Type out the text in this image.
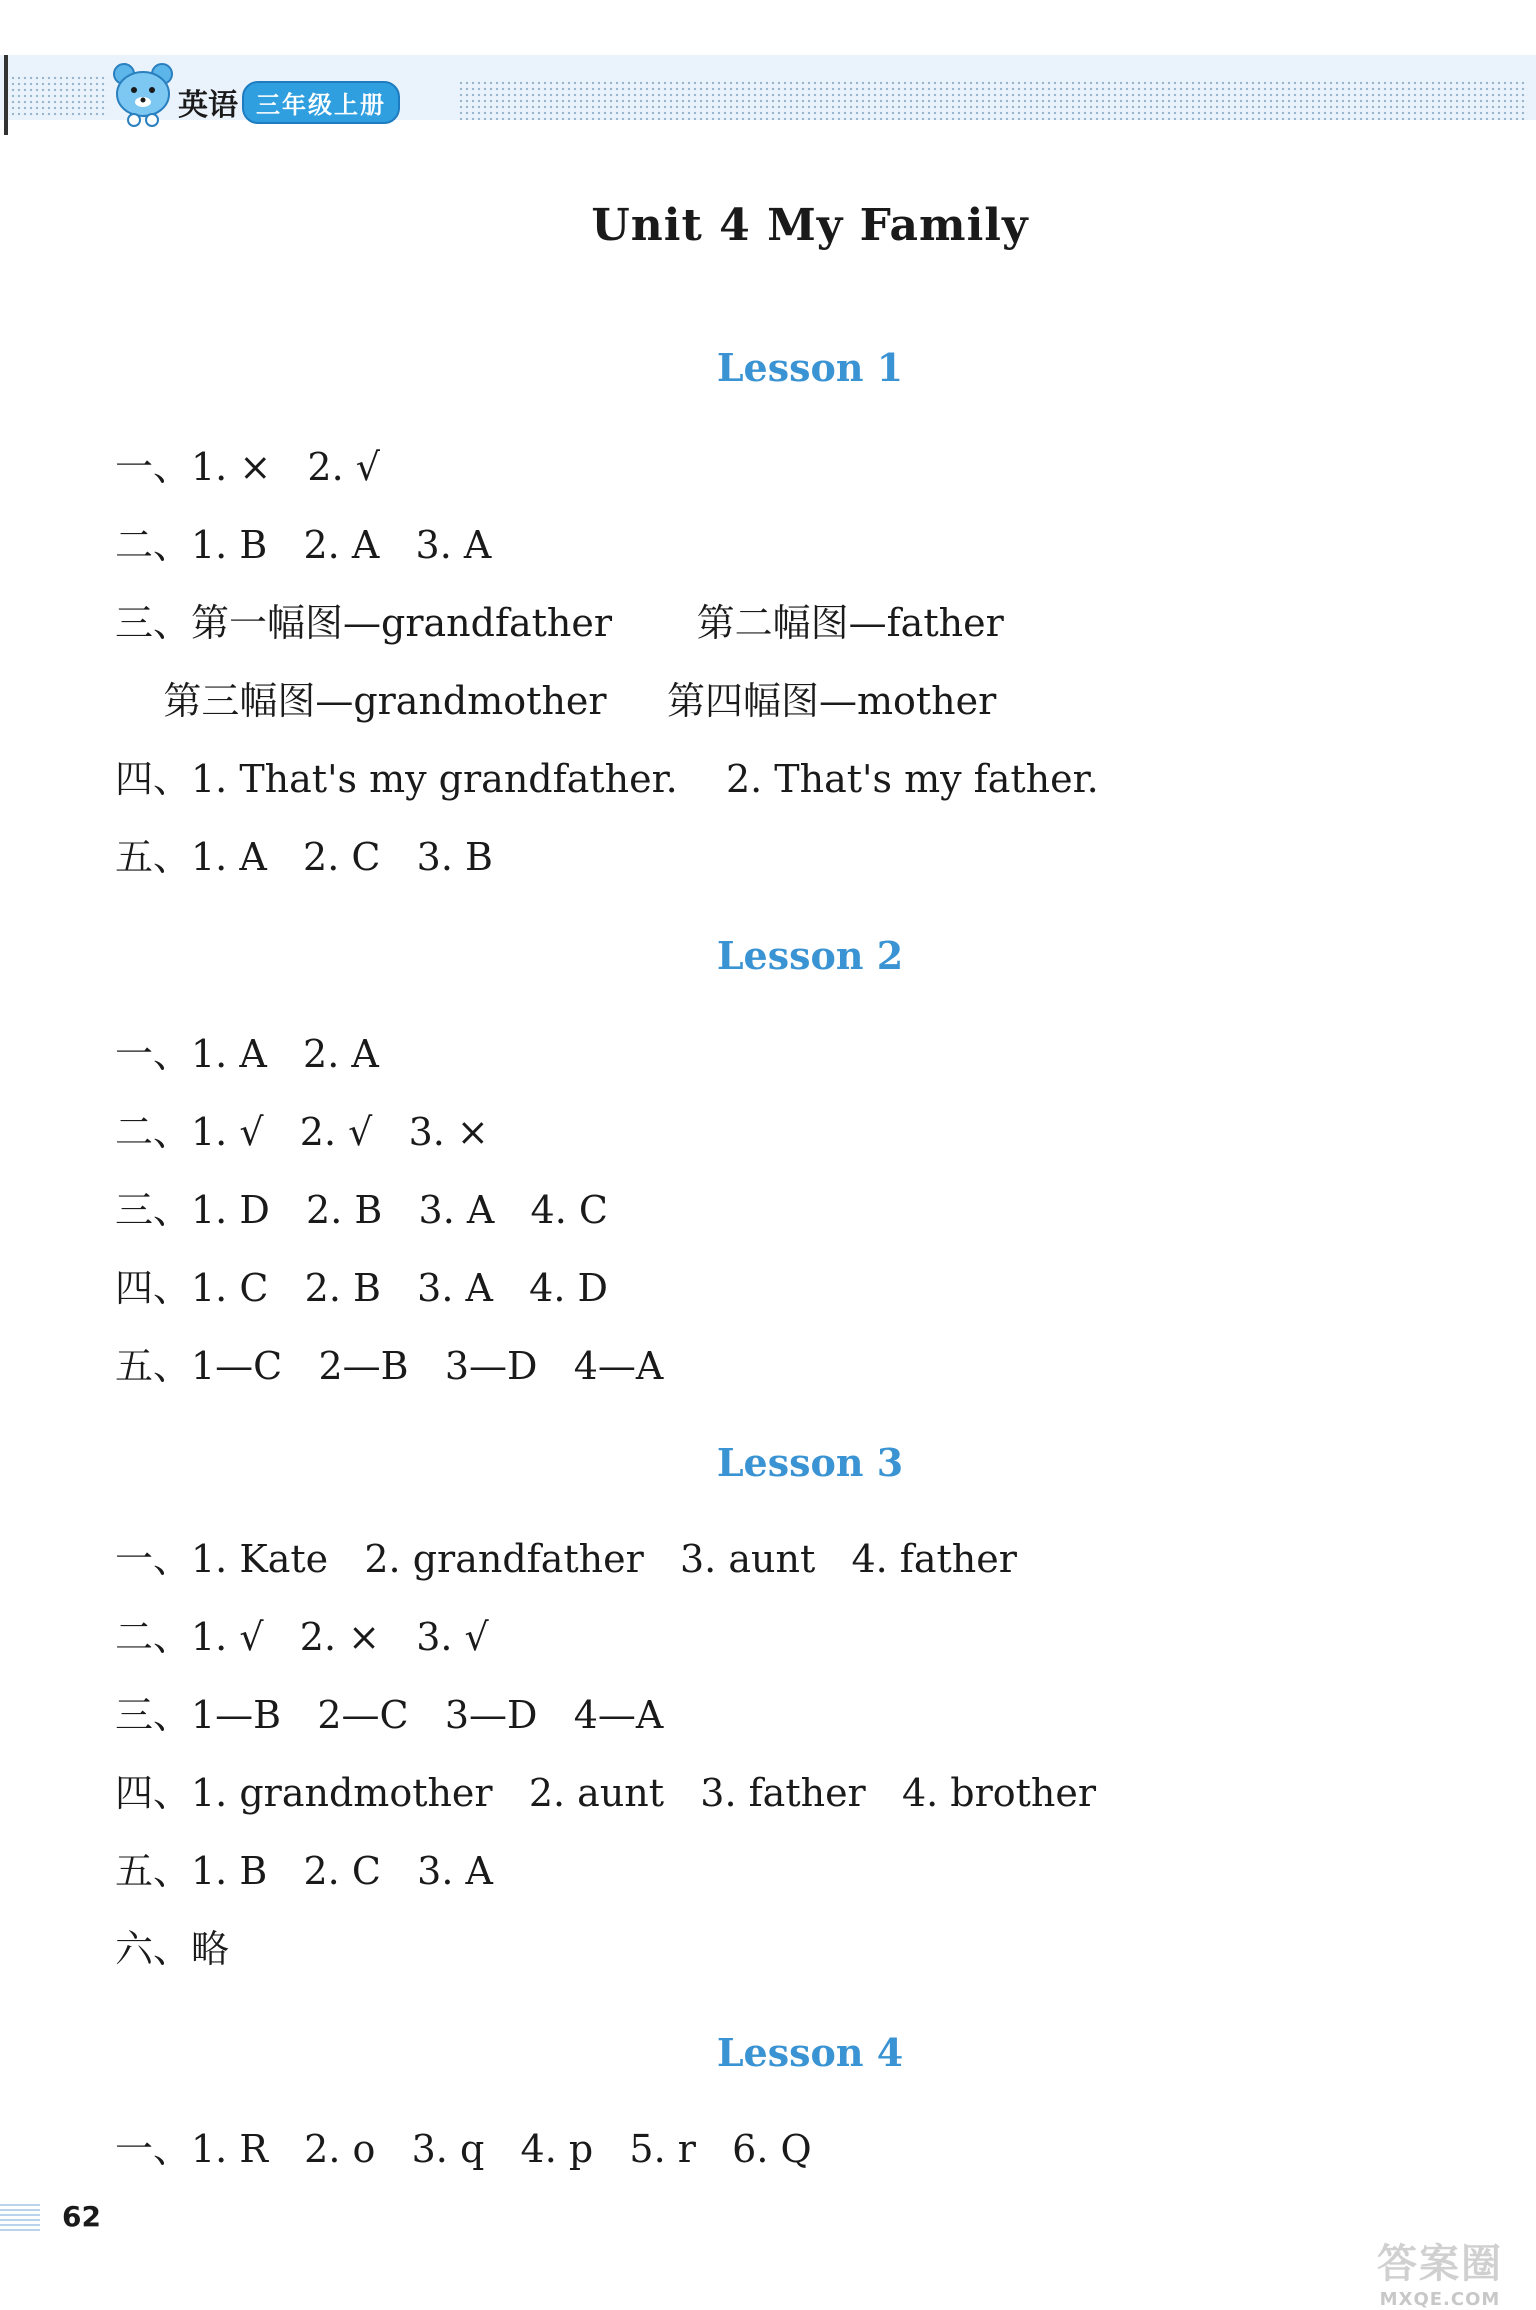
英语 三年级上册
Unit 4 My Family
Lesson 1
一、1. ×   2. √
二、1. B   2. A   3. A
三、第一幅图—grandfather       第二幅图—father
第三幅图—grandmother     第四幅图—mother
四、1. That's my grandfather.    2. That's my father.
五、1. A   2. C   3. B
Lesson 2
一、1. A   2. A
二、1. √   2. √   3. ×
三、1. D   2. B   3. A   4. C
四、1. C   2. B   3. A   4. D
五、1—C   2—B   3—D   4—A
Lesson 3
一、1. Kate   2. grandfather   3. aunt   4. father
二、1. √   2. ×   3. √
三、1—B   2—C   3—D   4—A
四、1. grandmother   2. aunt   3. father   4. brother
五、1. B   2. C   3. A
六、略
Lesson 4
一、1. R   2. o   3. q   4. p   5. r   6. Q
62
答案圈
MXQE.COM
